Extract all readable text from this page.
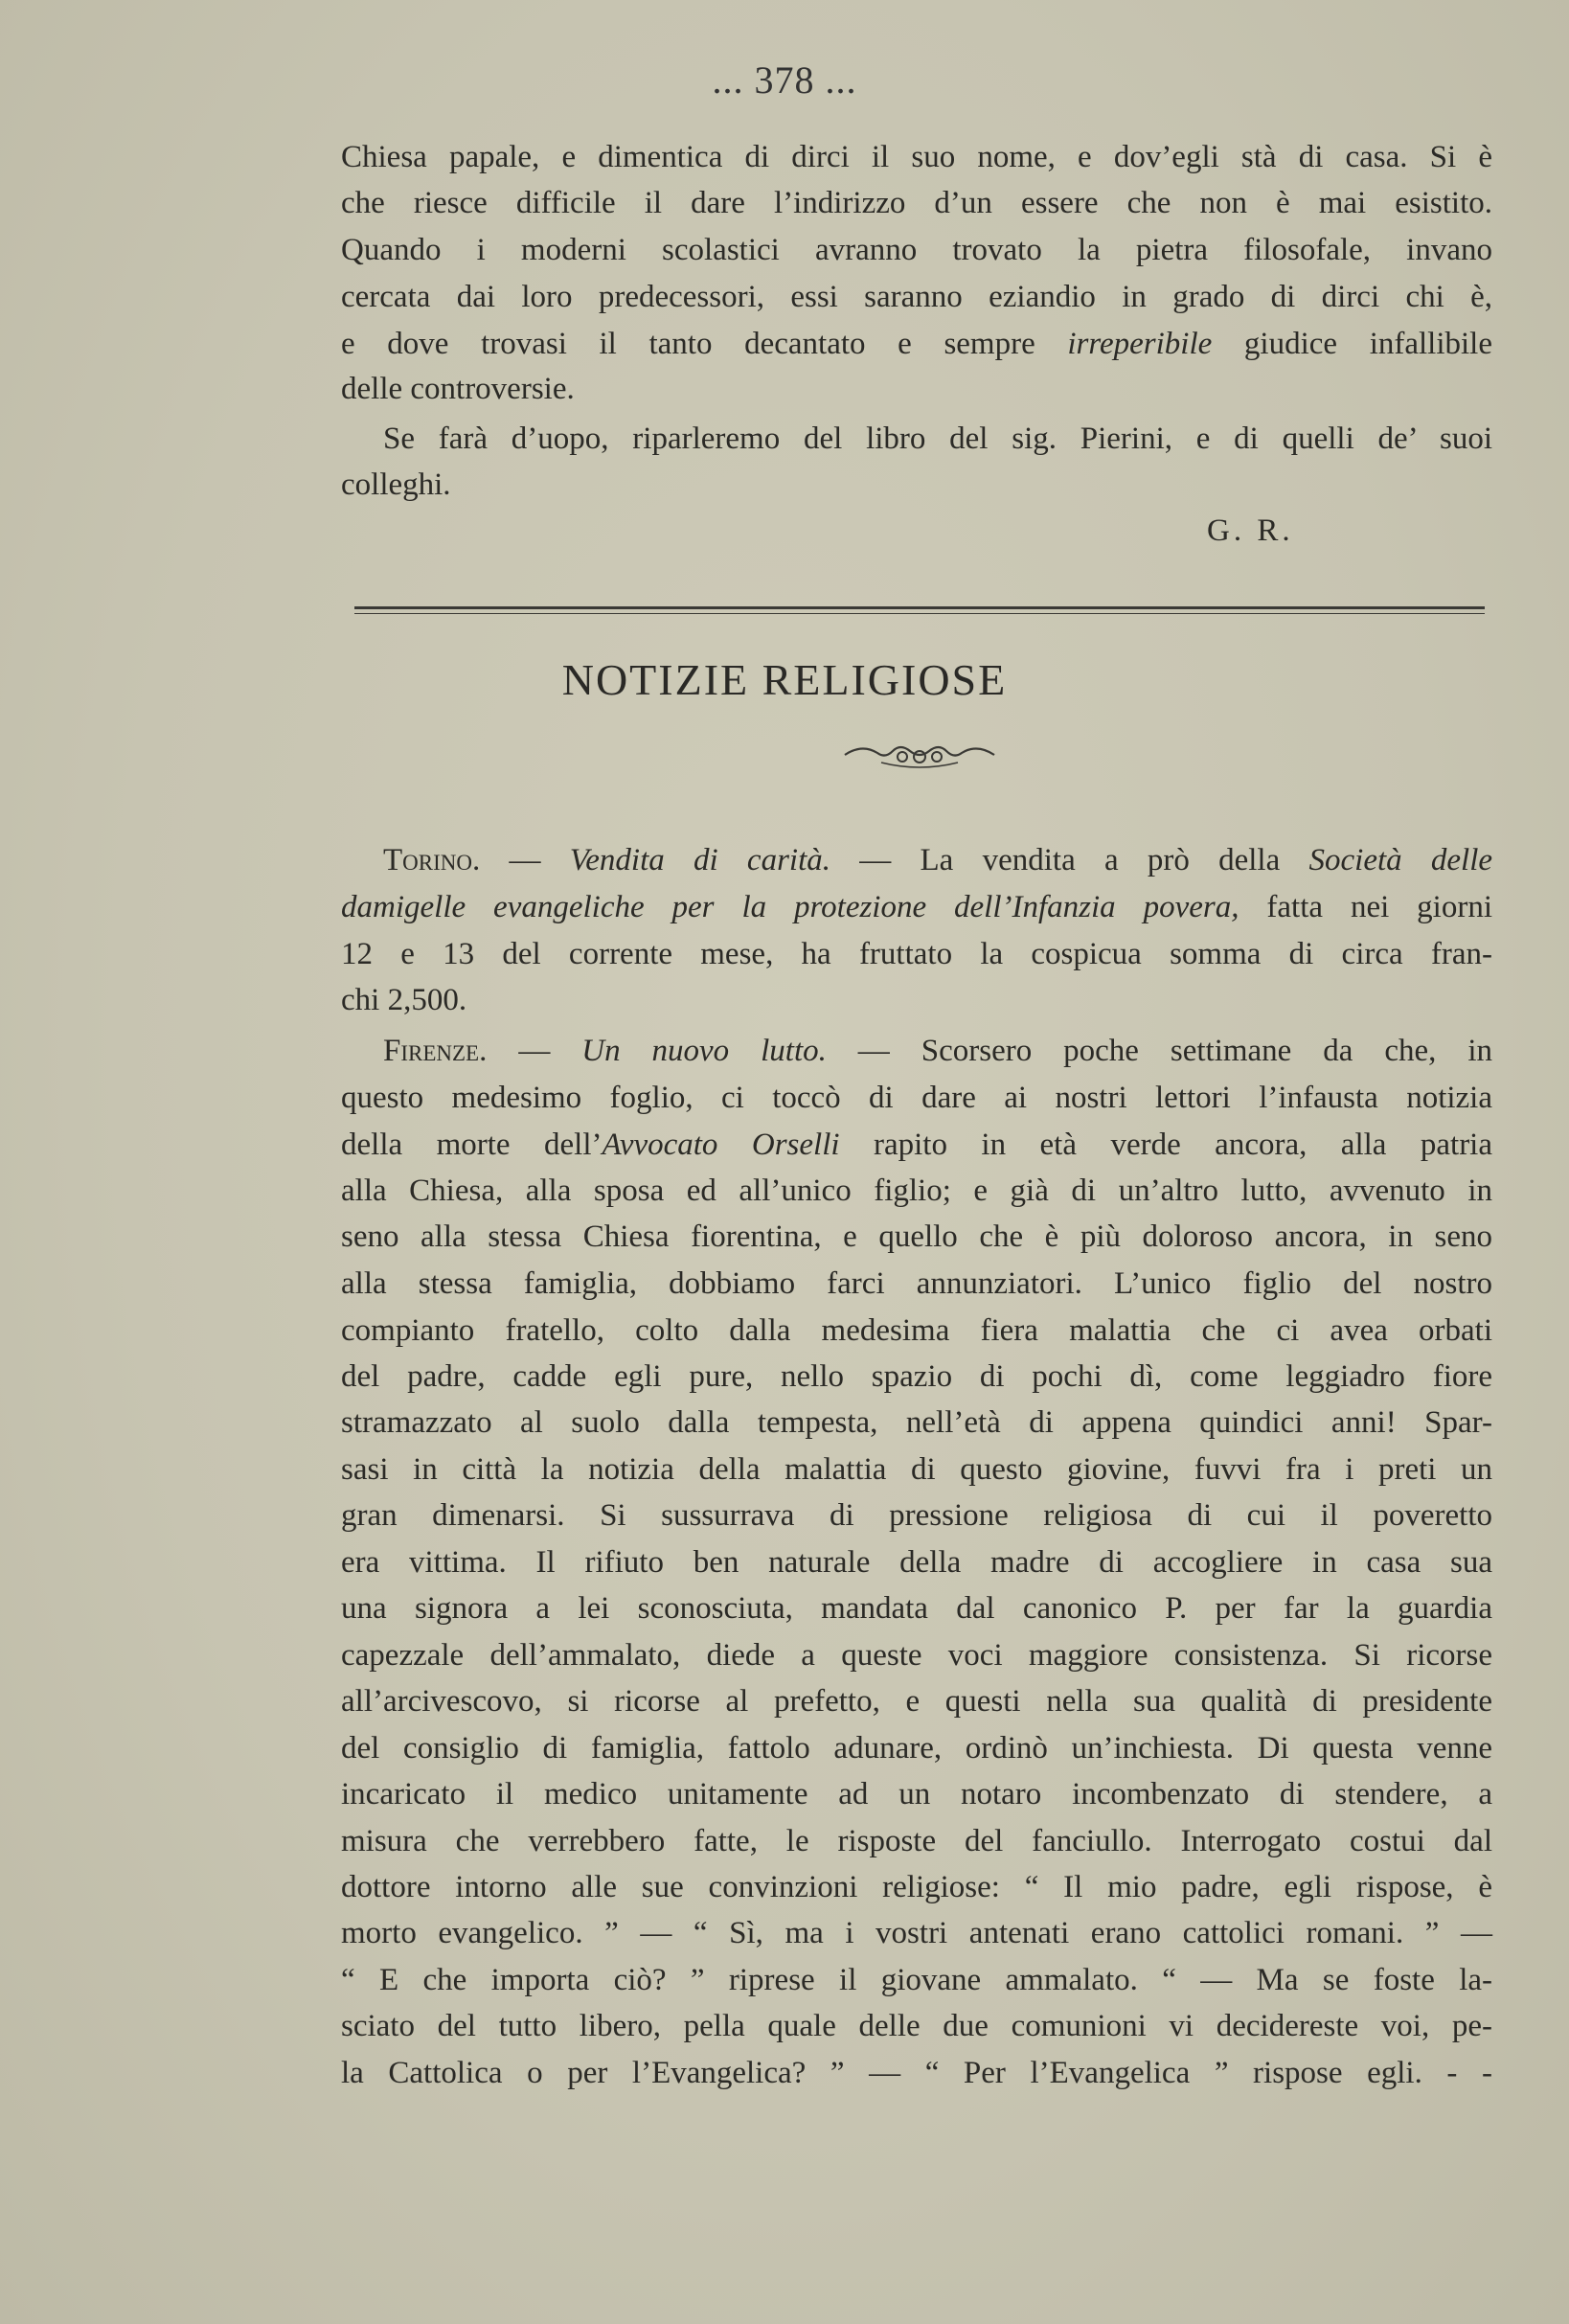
... 378 ...
Chiesa papale, e dimentica di dirci il suo nome, e dov’egli stà di casa. Si è
che riesce difficile il dare l’indirizzo d’un essere che non è mai esistito.
Quando i moderni scolastici avranno trovato la pietra filosofale, invano
cercata dai loro predecessori, essi saranno eziandio in grado di dirci chi è,
e dove trovasi il tanto decantato e sempre irreperibile giudice infallibile
delle controversie.
Se farà d’uopo, riparleremo del libro del sig. Pierini, e di quelli de’ suoi
colleghi.
G. R.
NOTIZIE RELIGIOSE
Torino. — Vendita di carità. — La vendita a prò della Società delle
damigelle evangeliche per la protezione dell’Infanzia povera, fatta nei giorni
12 e 13 del corrente mese, ha fruttato la cospicua somma di circa fran-
chi 2,500.
Firenze. — Un nuovo lutto. — Scorsero poche settimane da che, in
questo medesimo foglio, ci toccò di dare ai nostri lettori l’infausta notizia
della morte dell’Avvocato Orselli rapito in età verde ancora, alla patria
alla Chiesa, alla sposa ed all’unico figlio; e già di un’altro lutto, avvenuto in
seno alla stessa Chiesa fiorentina, e quello che è più doloroso ancora, in seno
alla stessa famiglia, dobbiamo farci annunziatori. L’unico figlio del nostro
compianto fratello, colto dalla medesima fiera malattia che ci avea orbati
del padre, cadde egli pure, nello spazio di pochi dì, come leggiadro fiore
stramazzato al suolo dalla tempesta, nell’età di appena quindici anni! Spar-
sasi in città la notizia della malattia di questo giovine, fuvvi fra i preti un
gran dimenarsi. Si sussurrava di pressione religiosa di cui il poveretto
era vittima. Il rifiuto ben naturale della madre di accogliere in casa sua
una signora a lei sconosciuta, mandata dal canonico P. per far la guardia
capezzale dell’ammalato, diede a queste voci maggiore consistenza. Si ricorse
all’arcivescovo, si ricorse al prefetto, e questi nella sua qualità di presidente
del consiglio di famiglia, fattolo adunare, ordinò un’inchiesta. Di questa venne
incaricato il medico unitamente ad un notaro incombenzato di stendere, a
misura che verrebbero fatte, le risposte del fanciullo. Interrogato costui dal
dottore intorno alle sue convinzioni religiose: “ Il mio padre, egli rispose, è
morto evangelico. ” — “ Sì, ma i vostri antenati erano cattolici romani. ” —
“ E che importa ciò? ” riprese il giovane ammalato. “ — Ma se foste la-
sciato del tutto libero, pella quale delle due comunioni vi decidereste voi, pe-
la Cattolica o per l’Evangelica? ” — “ Per l’Evangelica ” rispose egli. - -
